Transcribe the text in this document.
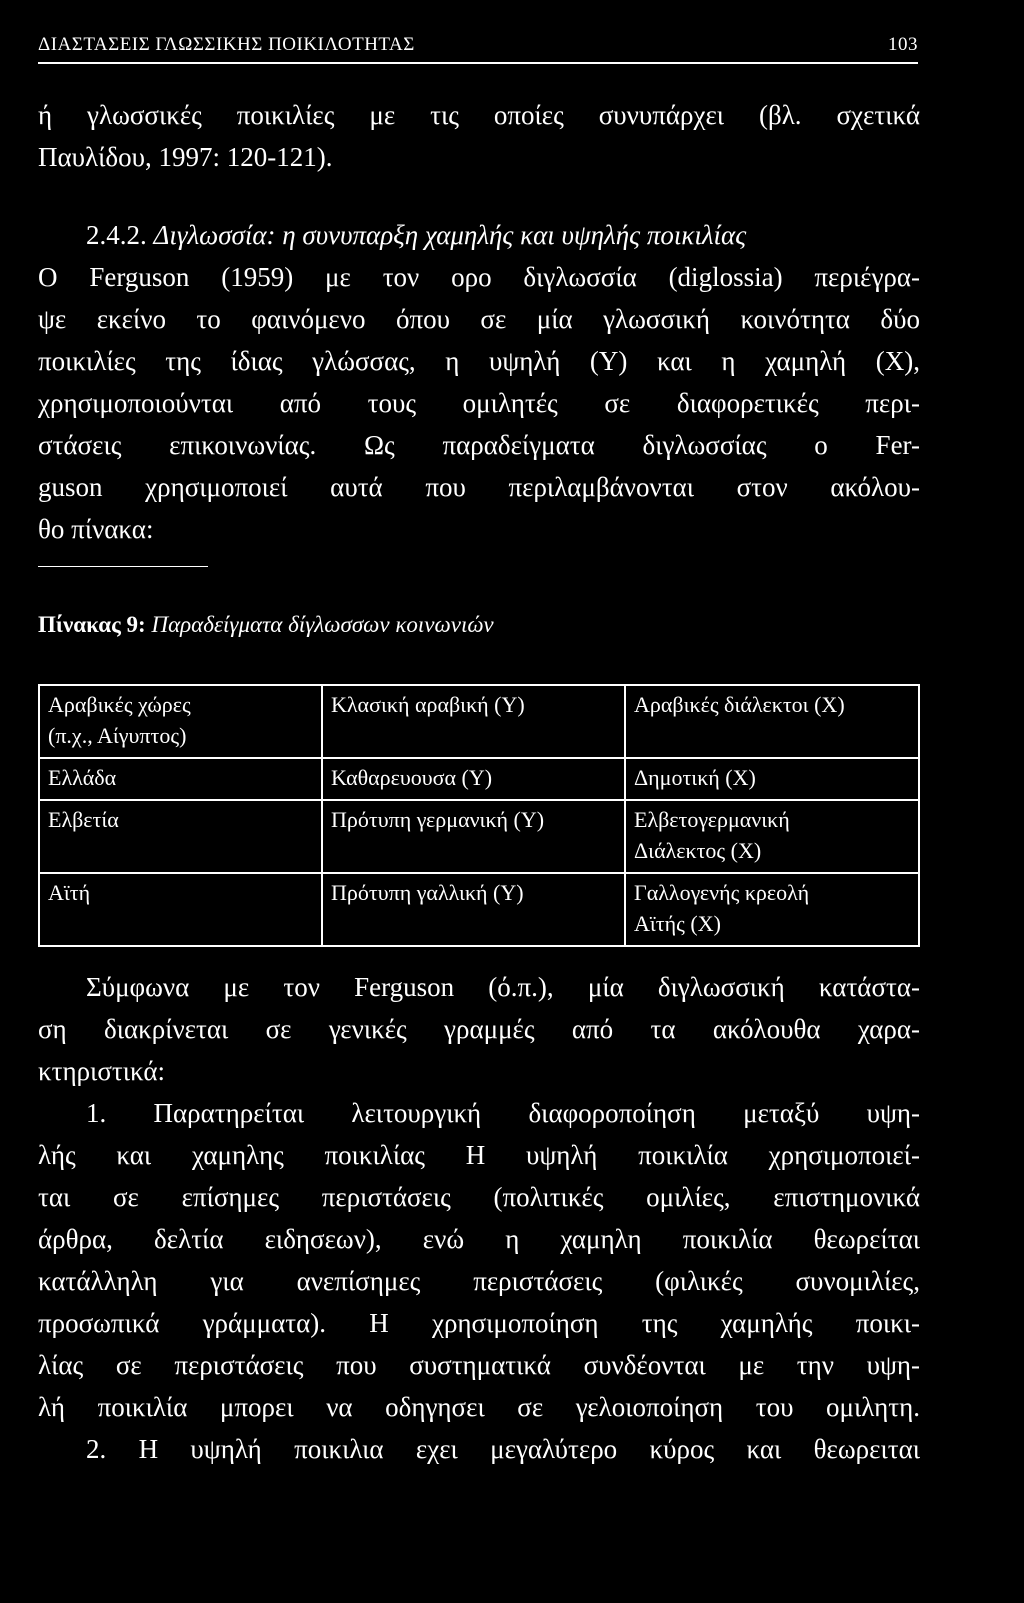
ΔΙΑΣΤΑΣΕΙΣ ΓΛΩΣΣΙΚΗΣ ΠΟΙΚΙΛΟΤΗΤΑΣ	103
ή γλωσσικές ποικιλίες με τις οποίες συνυπάρχει (βλ. σχετικά
Παυλίδου, 1997: 120-121).
2.4.2. Διγλωσσία: η συνυπαρξη χαμηλής και υψηλής ποικιλίας
Ο Ferguson (1959) με τον ορο διγλωσσία (diglossia) περιέγρα-
ψε εκείνο το φαινόμενο όπου σε μία γλωσσική κοινότητα δύο
ποικιλίες της ίδιας γλώσσας, η υψηλή (Υ) και η χαμηλή (Χ),
χρησιμοποιούνται από τους ομιλητές σε διαφορετικές περι-
στάσεις επικοινωνίας. Ως παραδείγματα διγλωσσίας ο Fer-
guson χρησιμοποιεί αυτά που περιλαμβάνονται στον ακόλου-
θο πίνακα:
Πίνακας 9: Παραδείγματα δίγλωσσων κοινωνιών
Αραβικές χώρες
(π.χ., Αίγυπτος)	Κλασική αραβική (Υ)	Αραβικές διάλεκτοι (Χ)

Ελλάδα	Καθαρευουσα (Υ)	Δημοτική (Χ)

Ελβετία	Πρότυπη γερμανική (Υ)	Ελβετογερμανική
Διάλεκτος (Χ)

Αϊτή	Πρότυπη γαλλική (Υ)	Γαλλογενής κρεολή
Αϊτής (Χ)
Σύμφωνα με τον Ferguson (ό.π.), μία διγλωσσική κατάστα-
ση διακρίνεται σε γενικές γραμμές από τα ακόλουθα χαρα-
κτηριστικά:
1. Παρατηρείται λειτουργική διαφοροποίηση μεταξύ υψη-
λής και χαμηλης ποικιλίας Η υψηλή ποικιλία χρησιμοποιεί-
ται σε επίσημες περιστάσεις (πολιτικές ομιλίες, επιστημονικά
άρθρα, δελτία ειδησεων), ενώ η χαμηλη ποικιλία θεωρείται
κατάλληλη για ανεπίσημες περιστάσεις (φιλικές συνομιλίες,
προσωπικά γράμματα). Η χρησιμοποίηση της χαμηλής ποικι-
λίας σε περιστάσεις που συστηματικά συνδέονται με την υψη-
λή ποικιλία μπορει να οδηγησει σε γελοιοποίηση του ομιλητη.
2. Η υψηλή ποικιλια εχει μεγαλύτερο κύρος και θεωρειται
